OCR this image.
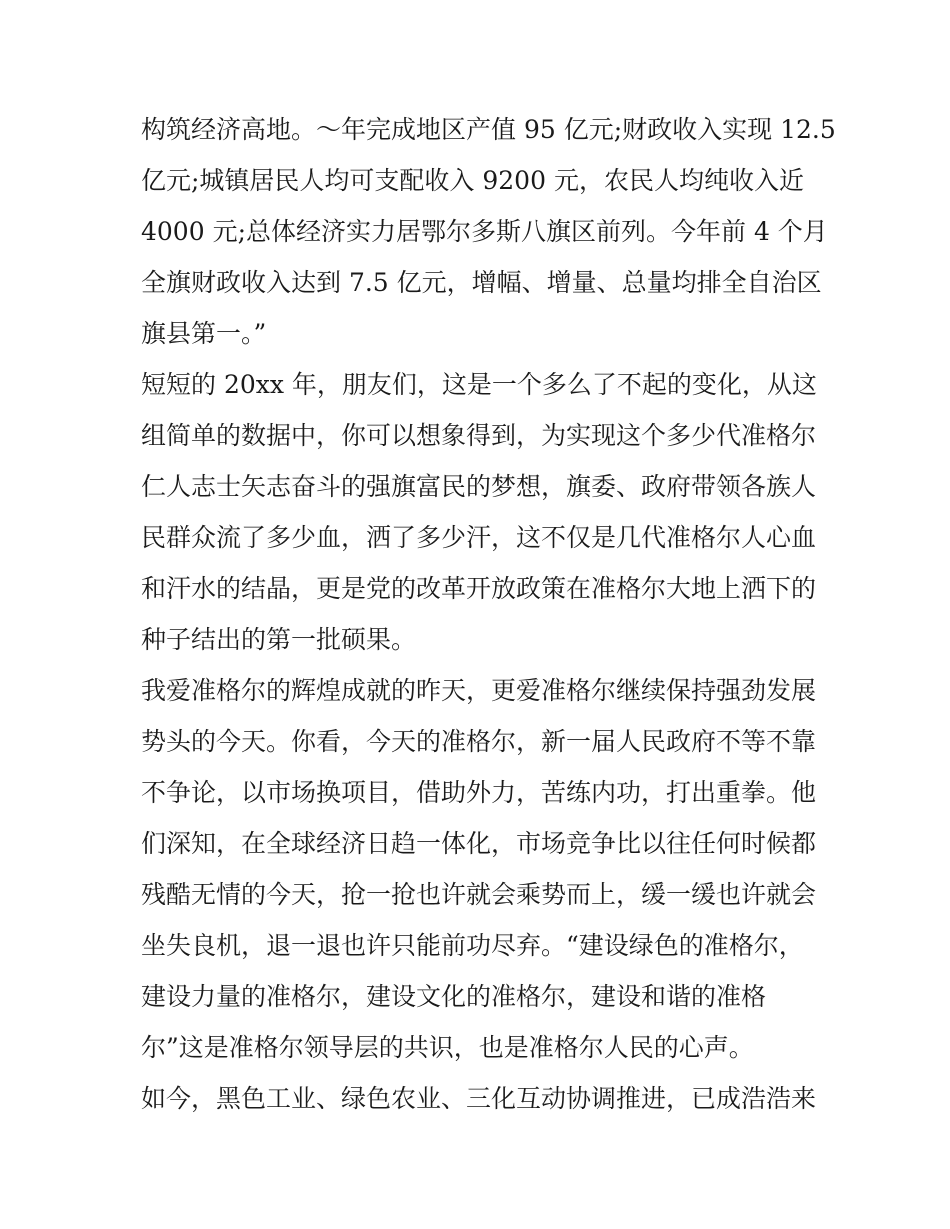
构筑经济高地。～年完成地区产值 95 亿元;财政收入实现 12.5
亿元;城镇居民人均可支配收入 9200 元，农民人均纯收入近
4000 元;总体经济实力居鄂尔多斯八旗区前列。今年前 4 个月
全旗财政收入达到 7.5 亿元，增幅、增量、总量均排全自治区
旗县第一。”
短短的 20xx 年，朋友们，这是一个多么了不起的变化，从这
组简单的数据中，你可以想象得到，为实现这个多少代准格尔
仁人志士矢志奋斗的强旗富民的梦想，旗委、政府带领各族人
民群众流了多少血，洒了多少汗，这不仅是几代准格尔人心血
和汗水的结晶，更是党的改革开放政策在准格尔大地上洒下的
种子结出的第一批硕果。
我爱准格尔的辉煌成就的昨天，更爱准格尔继续保持强劲发展
势头的今天。你看，今天的准格尔，新一届人民政府不等不靠
不争论，以市场换项目，借助外力，苦练内功，打出重拳。他
们深知，在全球经济日趋一体化，市场竞争比以往任何时候都
残酷无情的今天，抢一抢也许就会乘势而上，缓一缓也许就会
坐失良机，退一退也许只能前功尽弃。“建设绿色的准格尔，
建设力量的准格尔，建设文化的准格尔，建设和谐的准格
尔”这是准格尔领导层的共识，也是准格尔人民的心声。
如今，黑色工业、绿色农业、三化互动协调推进，已成浩浩来
